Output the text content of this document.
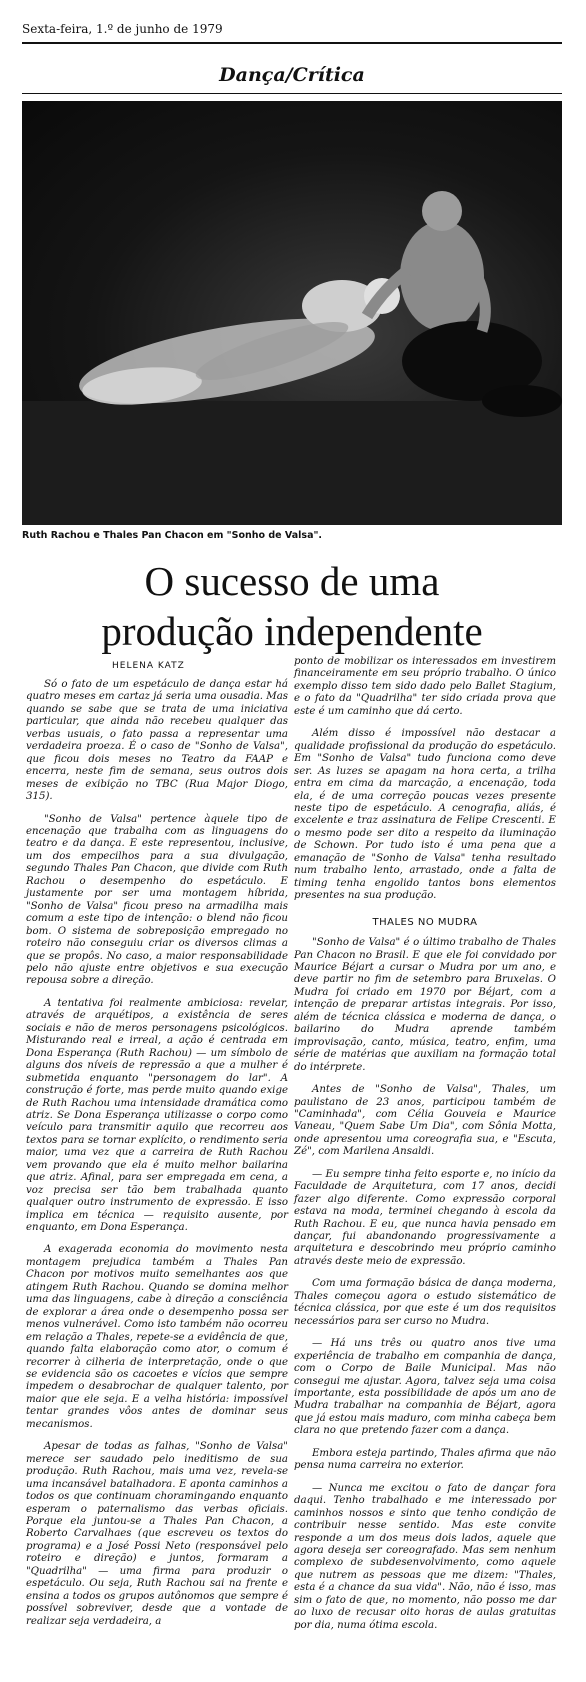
Sexta-feira, 1.º de junho de 1979
Dança/Crítica
Ruth Rachou e Thales Pan Chacon em "Sonho de Valsa".
O sucesso de uma
produção independente
HELENA KATZ

Só o fato de um espetáculo de dança estar há quatro meses em cartaz já seria uma ousadia. Mas quando se sabe que se trata de uma iniciativa particular, que ainda não recebeu qualquer das verbas usuais, o fato passa a representar uma verdadeira proeza. É o caso de "Sonho de Valsa", que ficou dois meses no Teatro da FAAP e encerra, neste fim de semana, seus outros dois meses de exibição no TBC (Rua Major Diogo, 315).

"Sonho de Valsa" pertence àquele tipo de encenação que trabalha com as linguagens do teatro e da dança. E este representou, inclusive, um dos empecilhos para a sua divulgação, segundo Thales Pan Chacon, que divide com Ruth Rachou o desempenho do espetáculo. E justamente por ser uma montagem híbrida, "Sonho de Valsa" ficou preso na armadilha mais comum a este tipo de intenção: o blend não ficou bom. O sistema de sobreposição empregado no roteiro não conseguiu criar os diversos climas a que se propôs. No caso, a maior responsabilidade pelo não ajuste entre objetivos e sua execução repousa sobre a direção.

A tentativa foi realmente ambiciosa: revelar, através de arquétipos, a existência de seres sociais e não de meros personagens psicológicos. Misturando real e irreal, a ação é centrada em Dona Esperança (Ruth Rachou) — um símbolo de alguns dos níveis de repressão a que a mulher é submetida enquanto "personagem do lar". A construção é forte, mas perde muito quando exige de Ruth Rachou uma intensidade dramática como atriz. Se Dona Esperança utilizasse o corpo como veículo para transmitir aquilo que recorreu aos textos para se tornar explícito, o rendimento seria maior, uma vez que a carreira de Ruth Rachou vem provando que ela é muito melhor bailarina que atriz. Afinal, para ser empregada em cena, a voz precisa ser tão bem trabalhada quanto qualquer outro instrumento de expressão. E isso implica em técnica — requisito ausente, por enquanto, em Dona Esperança.

A exagerada economia do movimento nesta montagem prejudica também a Thales Pan Chacon por motivos muito semelhantes aos que atingem Ruth Rachou. Quando se domina melhor uma das linguagens, cabe à direção a consciência de explorar a área onde o desempenho possa ser menos vulnerável. Como isto também não ocorreu em relação a Thales, repete-se a evidência de que, quando falta elaboração como ator, o comum é recorrer à cilheria de interpretação, onde o que se evidencia são os cacoetes e vícios que sempre impedem o desabrochar de qualquer talento, por maior que ele seja. E a velha história: impossível tentar grandes vôos antes de dominar seus mecanismos.

Apesar de todas as falhas, "Sonho de Valsa" merece ser saudado pelo ineditismo de sua produção. Ruth Rachou, mais uma vez, revela-se uma incansável batalhadora. E aponta caminhos a todos os que continuam choramingando enquanto esperam o paternalismo das verbas oficiais. Porque ela juntou-se a Thales Pan Chacon, a Roberto Carvalhaes (que escreveu os textos do programa) e a José Possi Neto (responsável pelo roteiro e direção) e juntos, formaram a "Quadrilha" — uma firma para produzir o espetáculo. Ou seja, Ruth Rachou sai na frente e ensina a todos os grupos autônomos que sempre é possível sobreviver, desde que a vontade de realizar seja verdadeira, a

ponto de mobilizar os interessados em investirem financeiramente em seu próprio trabalho. O único exemplo disso tem sido dado pelo Ballet Stagium, e o fato da "Quadrilha" ter sido criada prova que este é um caminho que dá certo.

Além disso é impossível não destacar a qualidade profissional da produção do espetáculo. Em "Sonho de Valsa" tudo funciona como deve ser. As luzes se apagam na hora certa, a trilha entra em cima da marcação, a encenação, toda ela, é de uma correção poucas vezes presente neste tipo de espetáculo. A cenografia, aliás, é excelente e traz assinatura de Felipe Crescenti. E o mesmo pode ser dito a respeito da iluminação de Schown. Por tudo isto é uma pena que a emanação de "Sonho de Valsa" tenha resultado num trabalho lento, arrastado, onde a falta de timing tenha engolido tantos bons elementos presentes na sua produção.

THALES NO MUDRA

"Sonho de Valsa" é o último trabalho de Thales Pan Chacon no Brasil. E que ele foi convidado por Maurice Béjart a cursar o Mudra por um ano, e deve partir no fim de setembro para Bruxelas. O Mudra foi criado em 1970 por Béjart, com a intenção de preparar artistas integrais. Por isso, além de técnica clássica e moderna de dança, o bailarino do Mudra aprende também improvisação, canto, música, teatro, enfim, uma série de matérias que auxiliam na formação total do intérprete.

Antes de "Sonho de Valsa", Thales, um paulistano de 23 anos, participou também de "Caminhada", com Célia Gouveia e Maurice Vaneau, "Quem Sabe Um Dia", com Sônia Motta, onde apresentou uma coreografia sua, e "Escuta, Zé", com Marilena Ansaldi.

— Eu sempre tinha feito esporte e, no início da Faculdade de Arquitetura, com 17 anos, decidi fazer algo diferente. Como expressão corporal estava na moda, terminei chegando à escola da Ruth Rachou. E eu, que nunca havia pensado em dançar, fui abandonando progressivamente a arquitetura e descobrindo meu próprio caminho através deste meio de expressão.

Com uma formação básica de dança moderna, Thales começou agora o estudo sistemático de técnica clássica, por que este é um dos requisitos necessários para ser curso no Mudra.

— Há uns três ou quatro anos tive uma experiência de trabalho em companhia de dança, com o Corpo de Baile Municipal. Mas não consegui me ajustar. Agora, talvez seja uma coisa importante, esta possibilidade de após um ano de Mudra trabalhar na companhia de Béjart, agora que já estou mais maduro, com minha cabeça bem clara no que pretendo fazer com a dança.

Embora esteja partindo, Thales afirma que não pensa numa carreira no exterior.

— Nunca me excitou o fato de dançar fora daqui. Tenho trabalhado e me interessado por caminhos nossos e sinto que tenho condição de contribuir nesse sentido. Mas este convite responde a um dos meus dois lados, aquele que agora deseja ser coreografado. Mas sem nenhum complexo de subdesenvolvimento, como aquele que nutrem as pessoas que me dizem: "Thales, esta é a chance da sua vida". Não, não é isso, mas sim o fato de que, no momento, não posso me dar ao luxo de recusar oito horas de aulas gratuitas por dia, numa ótima escola.
